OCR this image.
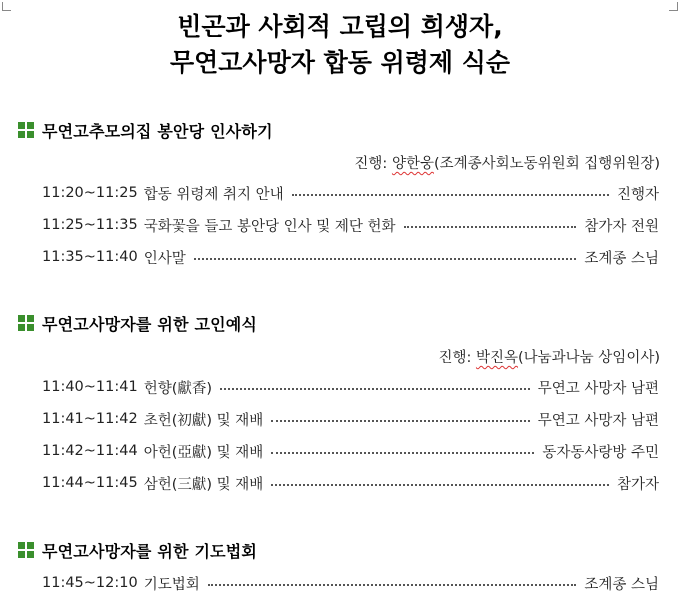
빈곤과 사회적 고립의 희생자,
무연고사망자 합동 위령제 식순
무연고추모의집 봉안당 인사하기
진행: 양한웅(조계종사회노동위원회 집행위원장)
11:20~11:25 합동 위령제 취지 안내	진행자
11:25~11:35 국화꽃을 들고 봉안당 인사 및 제단 헌화	참가자 전원
11:35~11:40 인사말	조계종 스님
무연고사망자를 위한 고인예식
진행: 박진옥(나눔과나눔 상임이사)
11:40~11:41 헌향(獻香)	무연고 사망자 남편
11:41~11:42 초헌(初獻) 및 재배	무연고 사망자 남편
11:42~11:44 아헌(亞獻) 및 재배	동자동사랑방 주민
11:44~11:45 삼헌(三獻) 및 재배	참가자
무연고사망자를 위한 기도법회
11:45~12:10 기도법회	조계종 스님
